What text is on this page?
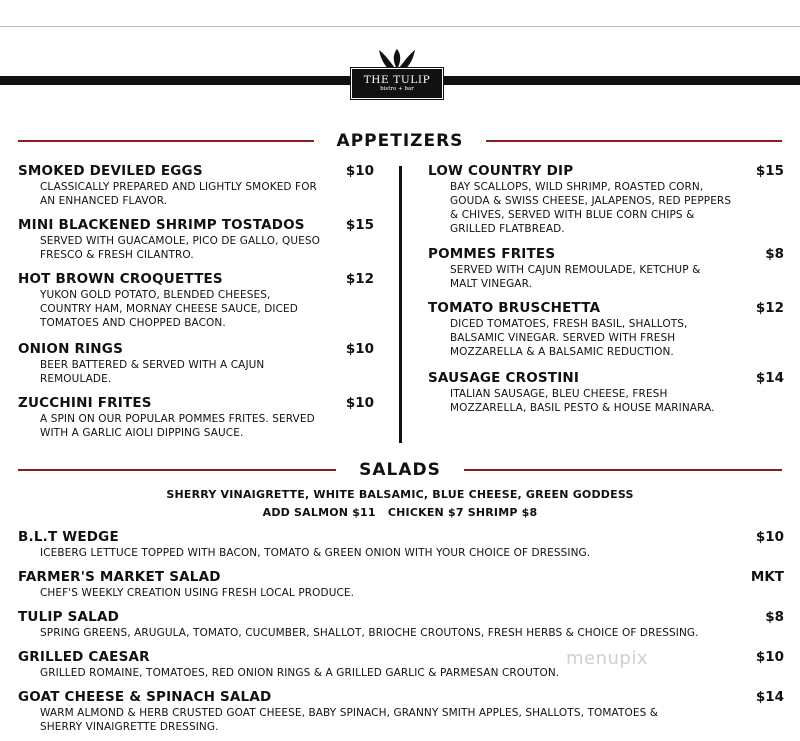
THE TULIP
bistro + bar
APPETIZERS
SMOKED DEVILED EGGS	$10
CLASSICALLY PREPARED AND LIGHTLY SMOKED FOR
AN ENHANCED FLAVOR.
MINI BLACKENED SHRIMP TOSTADOS	$15
SERVED WITH GUACAMOLE, PICO DE GALLO, QUESO
FRESCO & FRESH CILANTRO.
HOT BROWN CROQUETTES	$12
YUKON GOLD POTATO, BLENDED CHEESES,
COUNTRY HAM, MORNAY CHEESE SAUCE, DICED
TOMATOES AND CHOPPED BACON.
ONION RINGS	$10
BEER BATTERED & SERVED WITH A CAJUN
REMOULADE.
ZUCCHINI FRITES	$10
A SPIN ON OUR POPULAR POMMES FRITES. SERVED
WITH A GARLIC AIOLI DIPPING SAUCE.
LOW COUNTRY DIP	$15
BAY SCALLOPS, WILD SHRIMP, ROASTED CORN,
GOUDA & SWISS CHEESE, JALAPENOS, RED PEPPERS
& CHIVES, SERVED WITH BLUE CORN CHIPS &
GRILLED FLATBREAD.
POMMES FRITES	$8
SERVED WITH CAJUN REMOULADE, KETCHUP &
MALT VINEGAR.
TOMATO BRUSCHETTA	$12
DICED TOMATOES, FRESH BASIL, SHALLOTS,
BALSAMIC VINEGAR. SERVED WITH FRESH
MOZZARELLA & A BALSAMIC REDUCTION.
SAUSAGE CROSTINI	$14
ITALIAN SAUSAGE, BLEU CHEESE, FRESH
MOZZARELLA, BASIL PESTO & HOUSE MARINARA.
SALADS
SHERRY VINAIGRETTE, WHITE BALSAMIC, BLUE CHEESE, GREEN GODDESS
ADD SALMON $11   CHICKEN $7 SHRIMP $8
B.L.T WEDGE	$10
ICEBERG LETTUCE TOPPED WITH BACON, TOMATO & GREEN ONION WITH YOUR CHOICE OF DRESSING.
FARMER'S MARKET SALAD	MKT
CHEF'S WEEKLY CREATION USING FRESH LOCAL PRODUCE.
TULIP SALAD	$8
SPRING GREENS, ARUGULA, TOMATO, CUCUMBER, SHALLOT, BRIOCHE CROUTONS, FRESH HERBS & CHOICE OF DRESSING.
GRILLED CAESAR	$10
GRILLED ROMAINE, TOMATOES, RED ONION RINGS & A GRILLED GARLIC & PARMESAN CROUTON.
GOAT CHEESE & SPINACH SALAD	$14
WARM ALMOND & HERB CRUSTED GOAT CHEESE, BABY SPINACH, GRANNY SMITH APPLES, SHALLOTS, TOMATOES &
SHERRY VINAIGRETTE DRESSING.
menupix
